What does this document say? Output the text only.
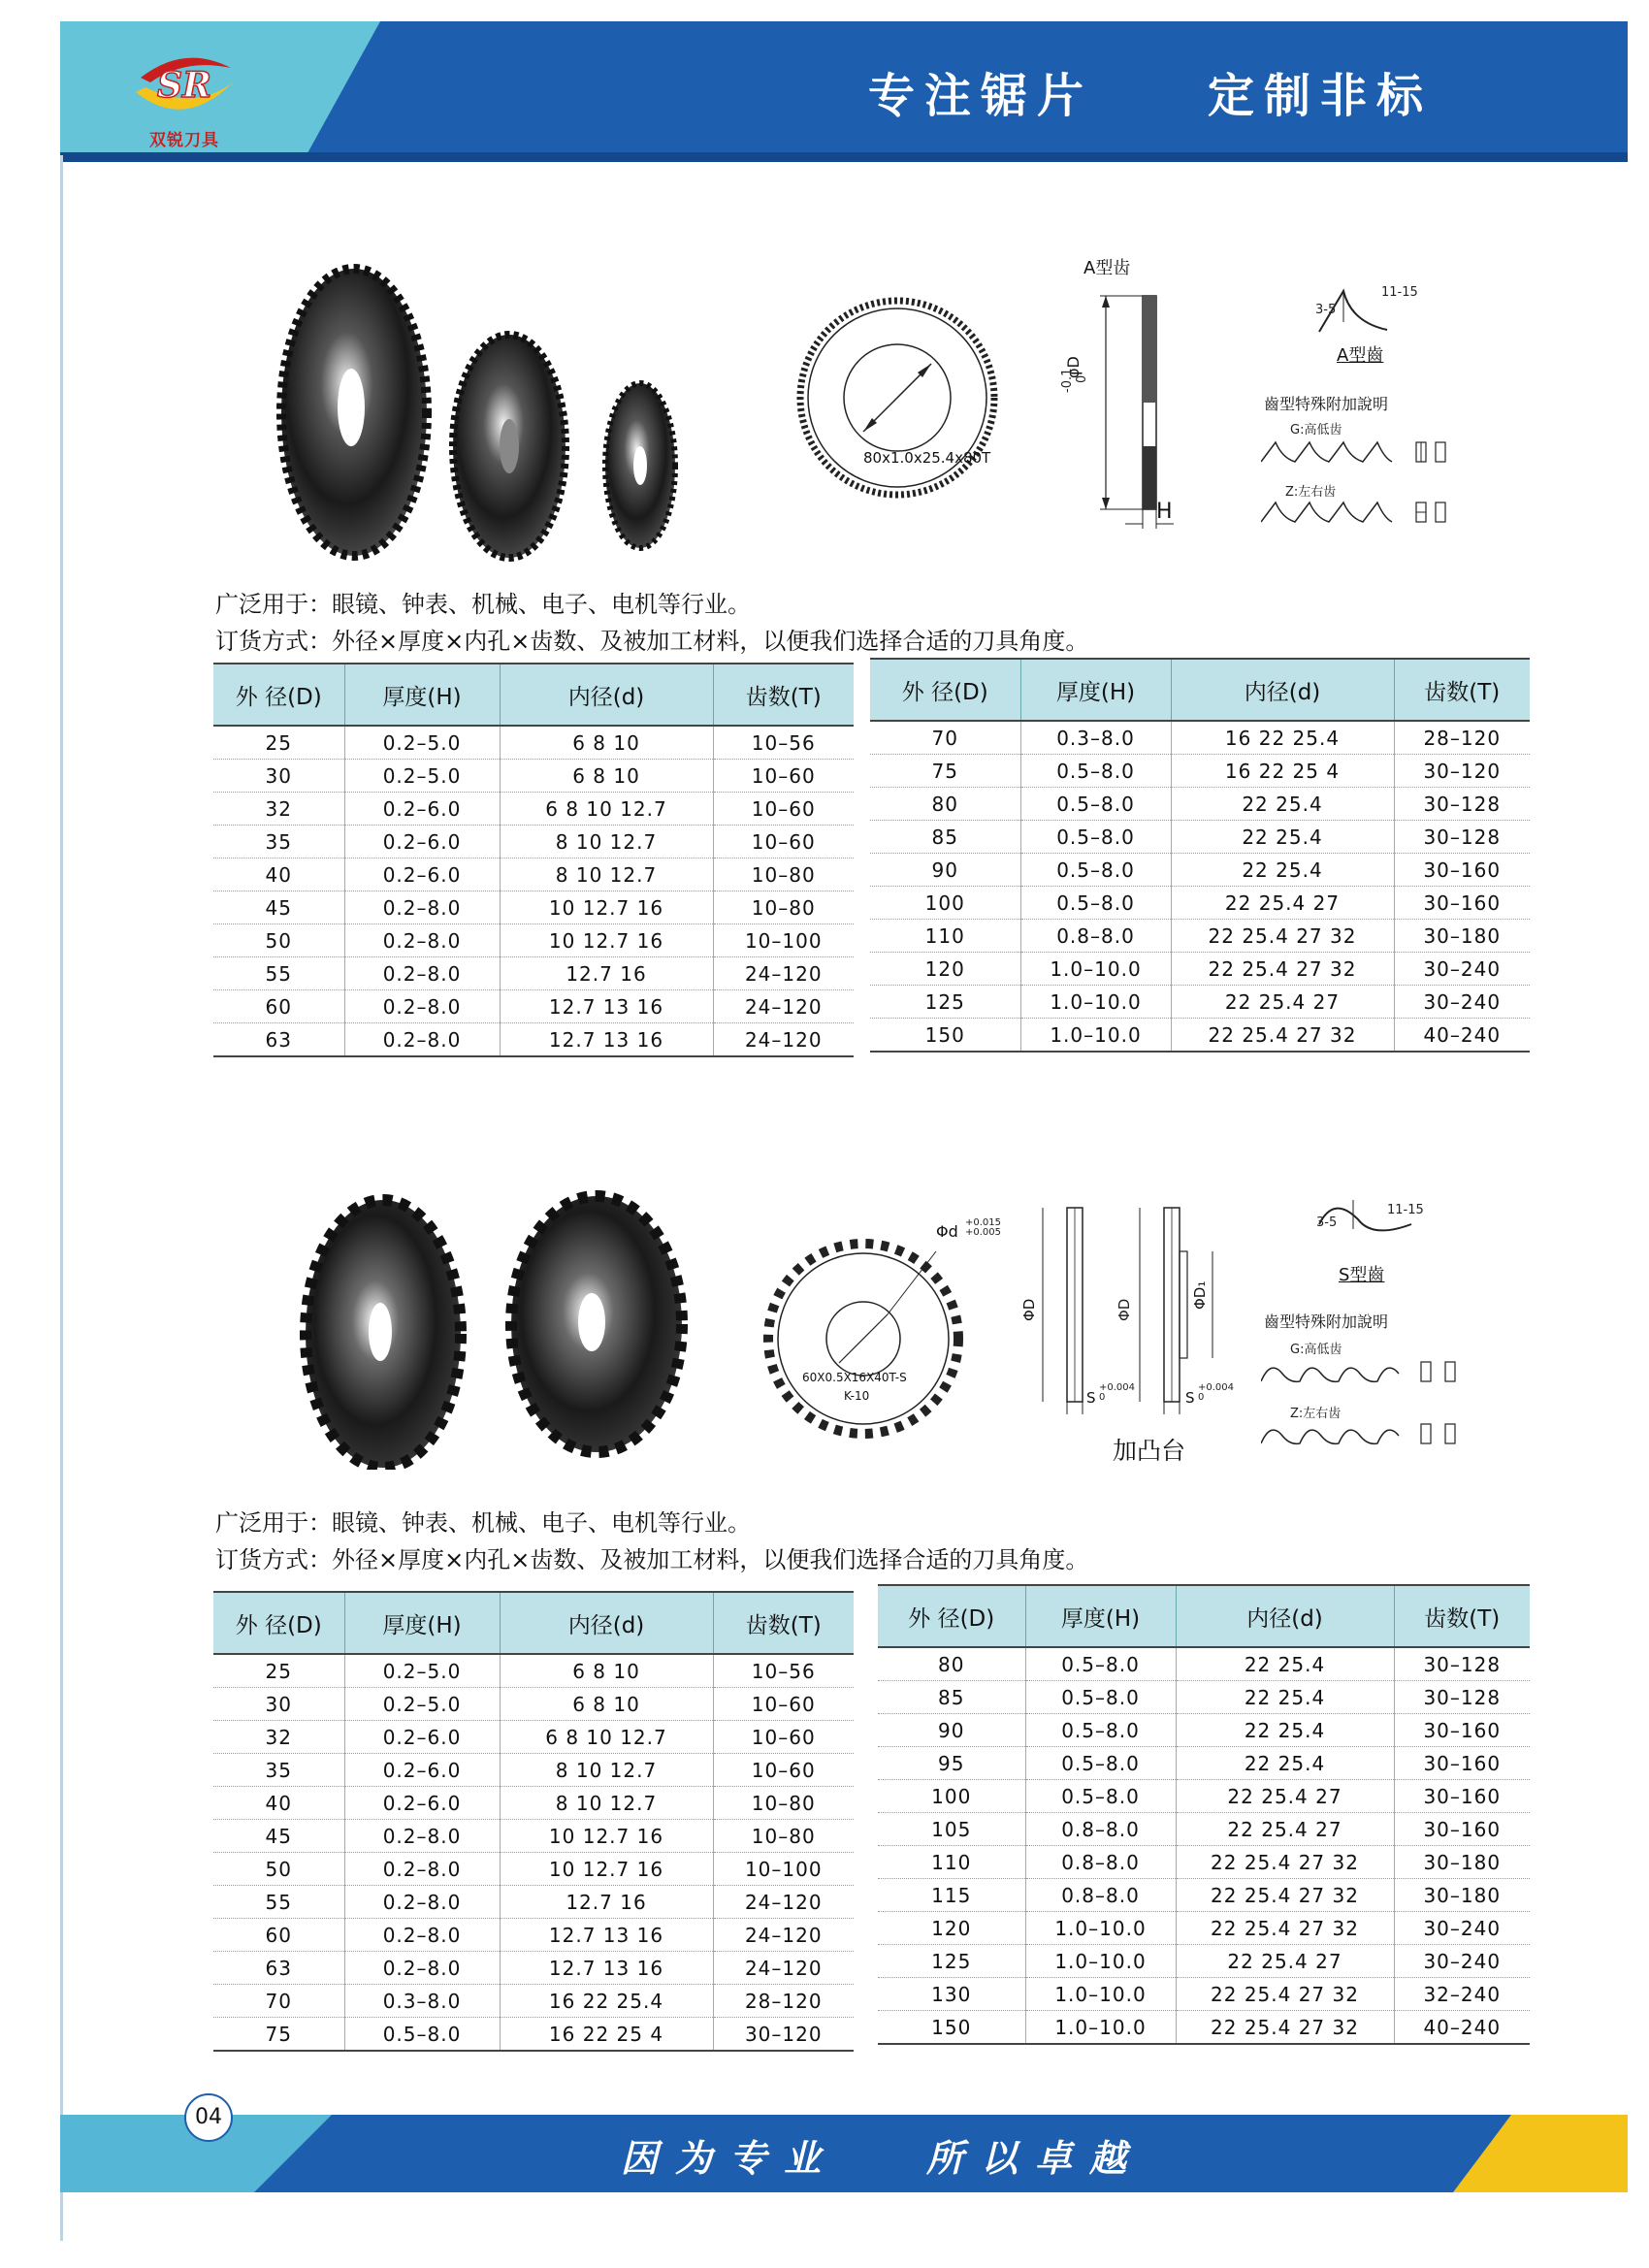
SR
双锐刀具
专注锯片 定制非标
80x1.0x25.4x80T
A型齿
φD
0
-0.1
H
3-5
11-15
A型齒
齒型特殊附加說明
G:高低齿
Z:左右齿
广泛用于：眼镜、钟表、机械、电子、电机等行业。
订货方式：外径×厚度×内孔×齿数、及被加工材料，以便我们选择合适的刀具角度。
外 径(D)	厚度(H)	内径(d)	齿数(T)
25	0.2–5.0	6 8 10	10–56
30	0.2–5.0	6 8 10	10–60
32	0.2–6.0	6 8 10 12.7	10–60
35	0.2–6.0	8 10 12.7	10–60
40	0.2–6.0	8 10 12.7	10–80
45	0.2–8.0	10 12.7 16	10–80
50	0.2–8.0	10 12.7 16	10–100
55	0.2–8.0	12.7 16	24–120
60	0.2–8.0	12.7 13 16	24–120
63	0.2–8.0	12.7 13 16	24–120
外 径(D)	厚度(H)	内径(d)	齿数(T)
70	0.3–8.0	16 22 25.4	28–120
75	0.5–8.0	16 22 25 4	30–120
80	0.5–8.0	22 25.4	30–128
85	0.5–8.0	22 25.4	30–128
90	0.5–8.0	22 25.4	30–160
100	0.5–8.0	22 25.4 27	30–160
110	0.8–8.0	22 25.4 27 32	30–180
120	1.0–10.0	22 25.4 27 32	30–240
125	1.0–10.0	22 25.4 27	30–240
150	1.0–10.0	22 25.4 27 32	40–240
Φd +0.015 +0.005
60X0.5X16X40T-S
K-10
ΦD	ΦD
ΦD₁
S
+0.004 0	S
+0.004 0
加凸台
3-5
11-15
S型齒
齒型特殊附加說明
G:高低齿
Z:左右齿
广泛用于：眼镜、钟表、机械、电子、电机等行业。
订货方式：外径×厚度×内孔×齿数、及被加工材料，以便我们选择合适的刀具角度。
外 径(D)	厚度(H)	内径(d)	齿数(T)
25	0.2–5.0	6 8 10	10–56
30	0.2–5.0	6 8 10	10–60
32	0.2–6.0	6 8 10 12.7	10–60
35	0.2–6.0	8 10 12.7	10–60
40	0.2–6.0	8 10 12.7	10–80
45	0.2–8.0	10 12.7 16	10–80
50	0.2–8.0	10 12.7 16	10–100
55	0.2–8.0	12.7 16	24–120
60	0.2–8.0	12.7 13 16	24–120
63	0.2–8.0	12.7 13 16	24–120
70	0.3–8.0	16 22 25.4	28–120
75	0.5–8.0	16 22 25 4	30–120
外 径(D)	厚度(H)	内径(d)	齿数(T)
80	0.5–8.0	22 25.4	30–128
85	0.5–8.0	22 25.4	30–128
90	0.5–8.0	22 25.4	30–160
95	0.5–8.0	22 25.4	30–160
100	0.5–8.0	22 25.4 27	30–160
105	0.8–8.0	22 25.4 27	30–160
110	0.8–8.0	22 25.4 27 32	30–180
115	0.8–8.0	22 25.4 27 32	30–180
120	1.0–10.0	22 25.4 27 32	30–240
125	1.0–10.0	22 25.4 27	30–240
130	1.0–10.0	22 25.4 27 32	32–240
150	1.0–10.0	22 25.4 27 32	40–240
04
因为专业 所以卓越
